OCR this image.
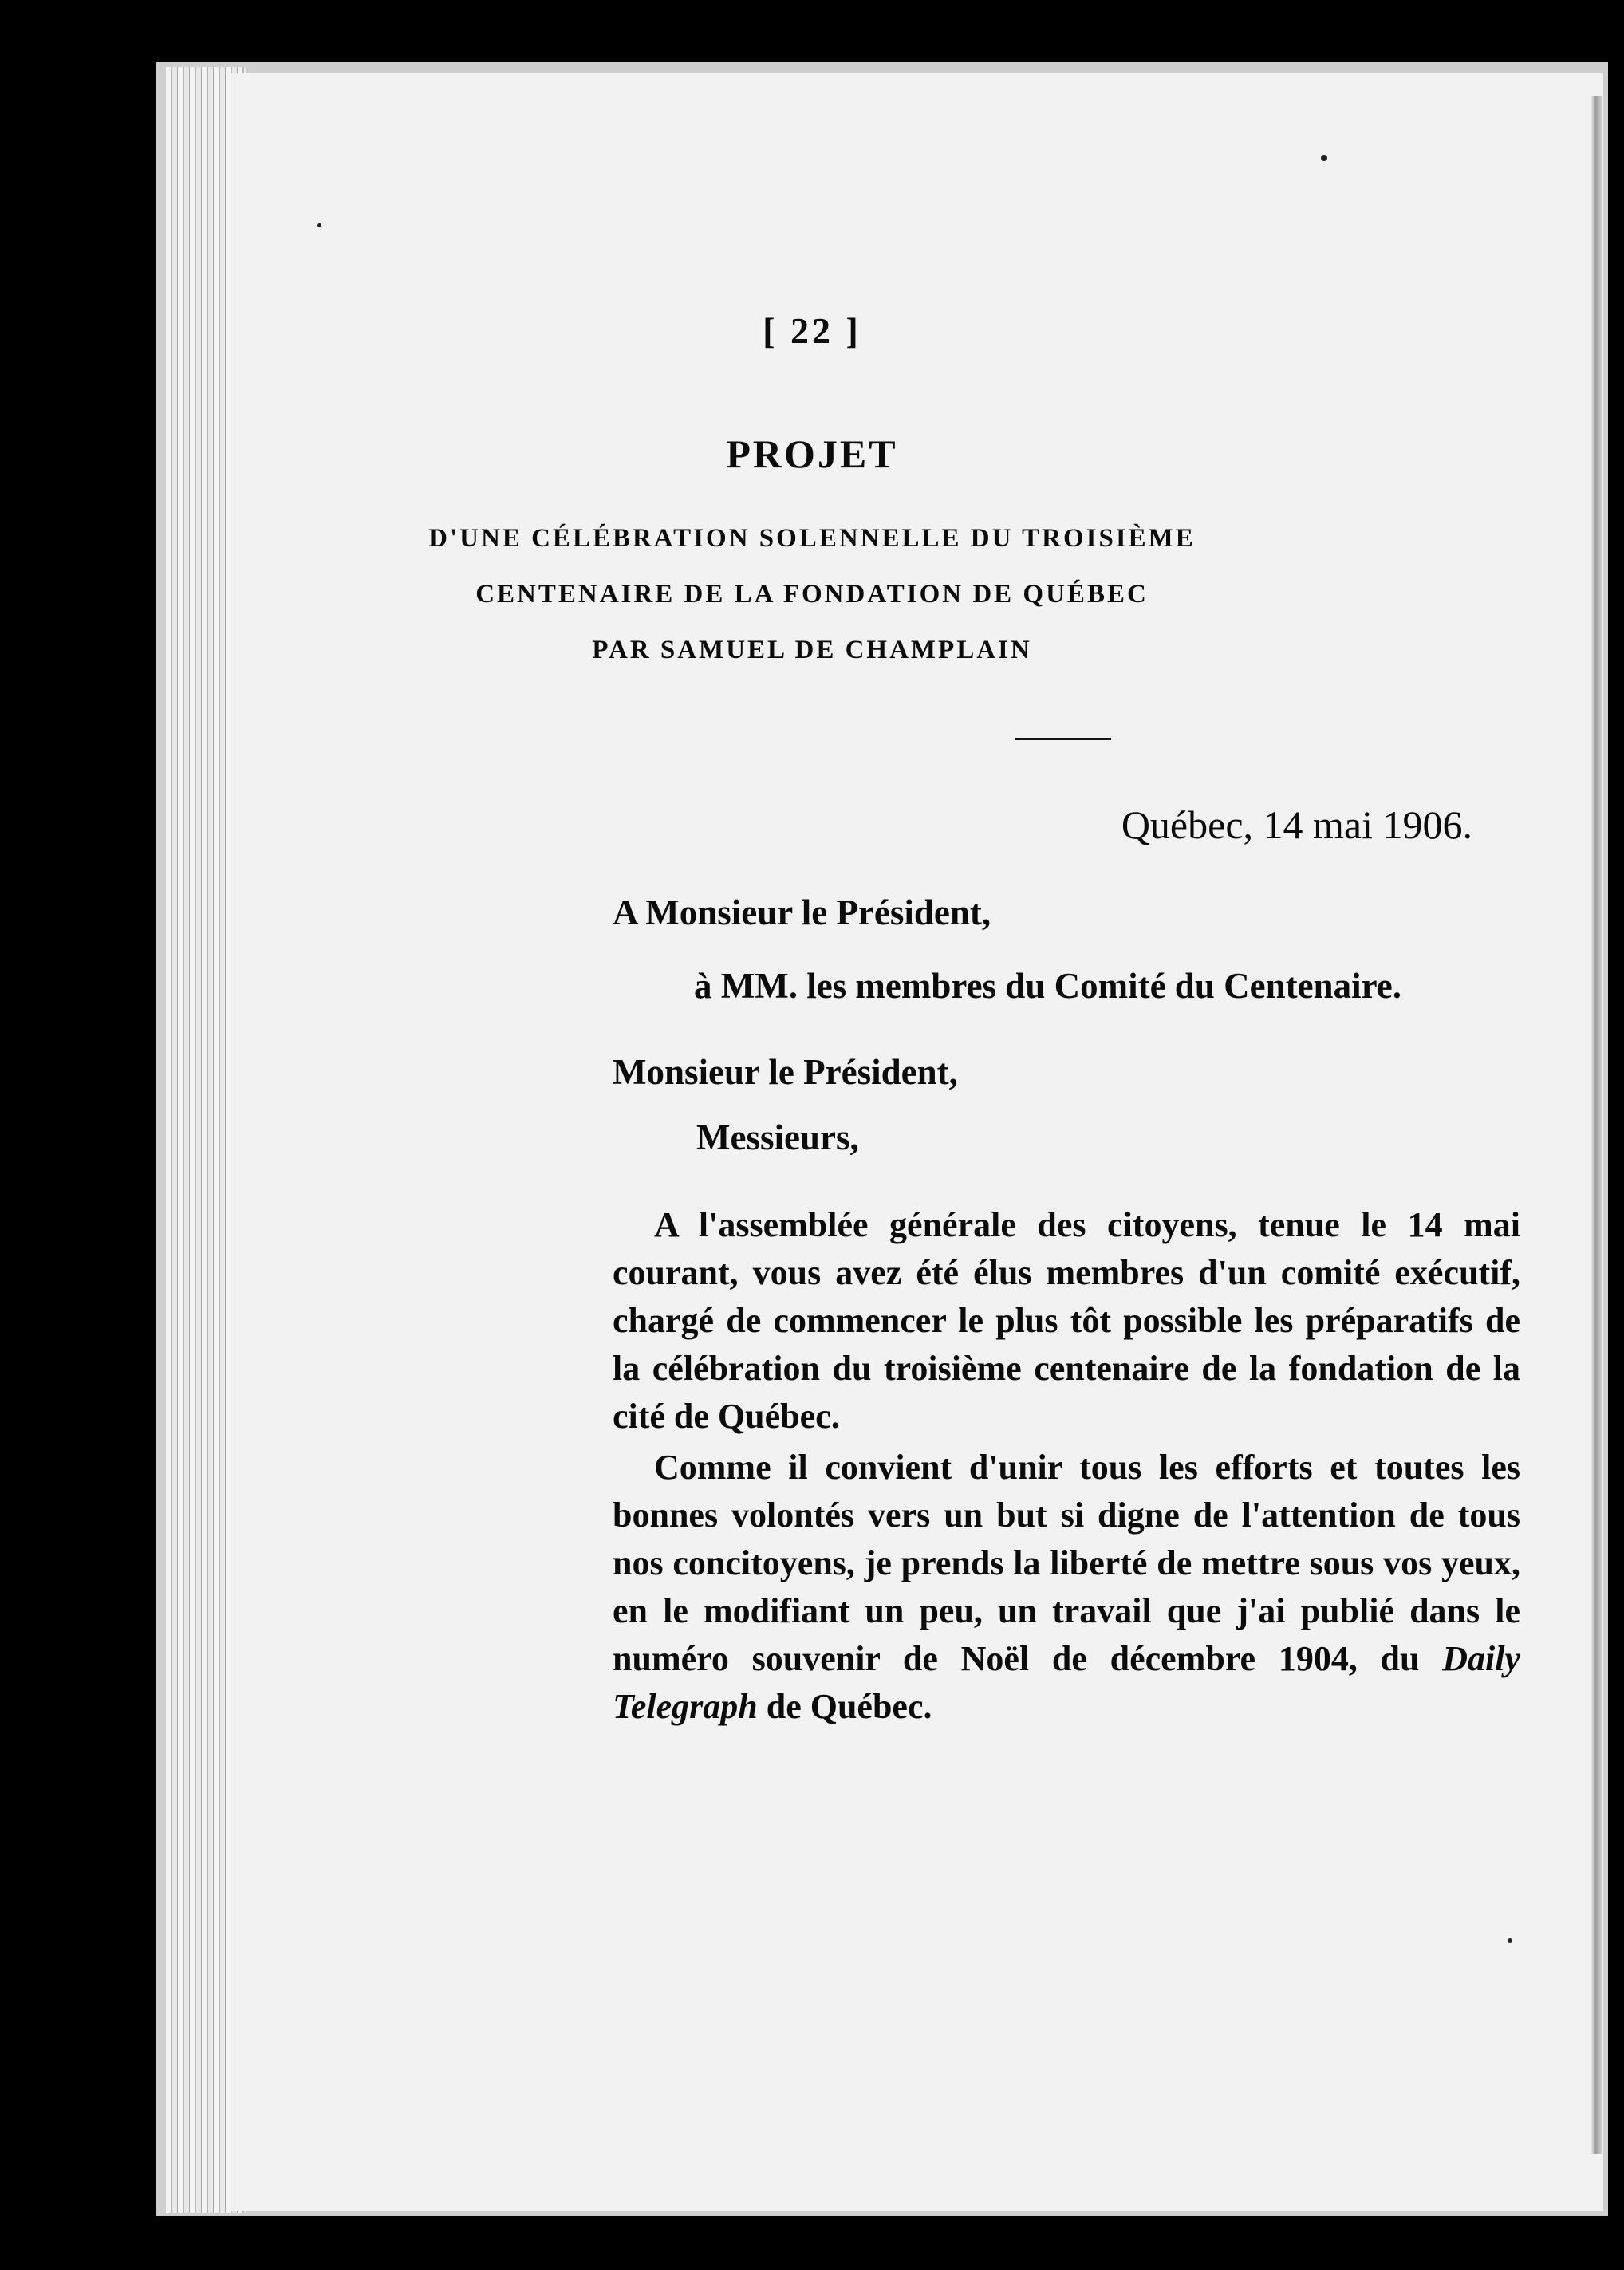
[ 22 ]
PROJET
D'UNE CÉLÉBRATION SOLENNELLE DU TROISIÈME
CENTENAIRE DE LA FONDATION DE QUÉBEC
PAR SAMUEL DE CHAMPLAIN
Québec, 14 mai 1906.
A Monsieur le Président,
à MM. les membres du Comité du Centenaire.
Monsieur le Président,
Messieurs,
A l'assemblée générale des citoyens, tenue le 14 mai courant, vous avez été élus membres d'un comité exécutif, chargé de commencer le plus tôt possible les préparatifs de la célébration du troisième centenaire de la fondation de la cité de Québec.
Comme il convient d'unir tous les efforts et toutes les bonnes volontés vers un but si digne de l'attention de tous nos concitoyens, je prends la liberté de mettre sous vos yeux, en le modifiant un peu, un travail que j'ai publié dans le numéro souvenir de Noël de décembre 1904, du Daily Telegraph de Québec.
